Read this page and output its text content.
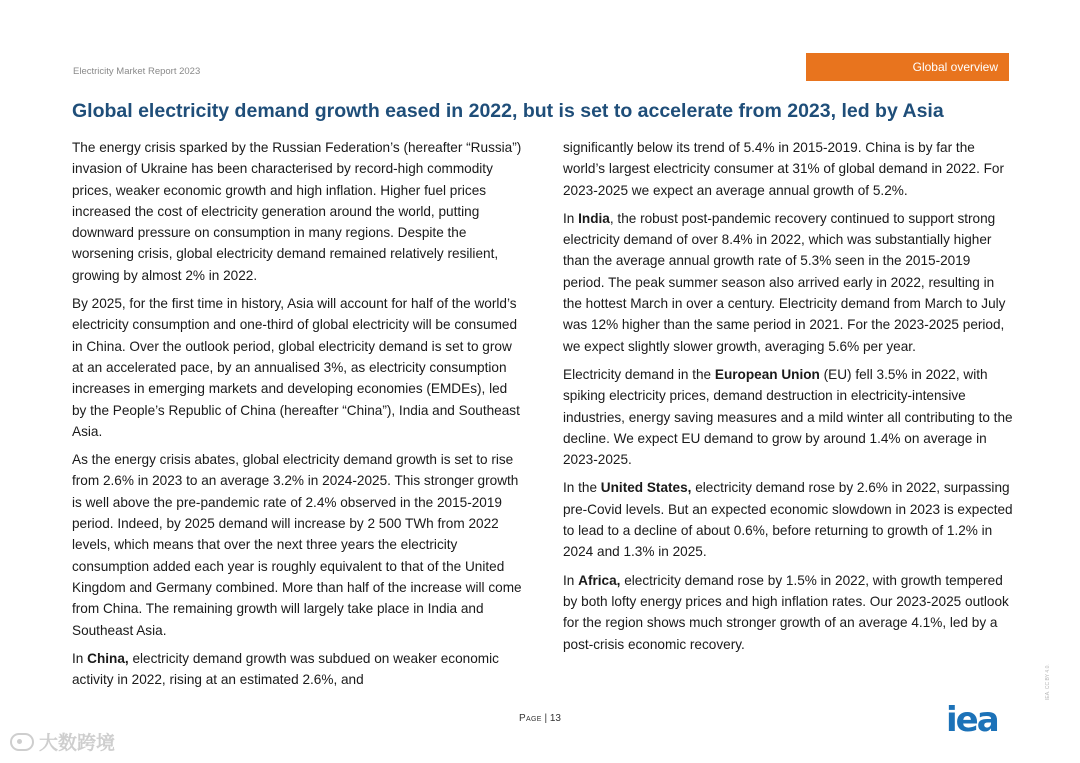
Electricity Market Report 2023	Global overview
Global electricity demand growth eased in 2022, but is set to accelerate from 2023, led by Asia

The energy crisis sparked by the Russian Federation’s (hereafter “Russia”) invasion of Ukraine has been characterised by record-high commodity prices, weaker economic growth and high inflation. Higher fuel prices increased the cost of electricity generation around the world, putting downward pressure on consumption in many regions. Despite the worsening crisis, global electricity demand remained relatively resilient, growing by almost 2% in 2022.

By 2025, for the first time in history, Asia will account for half of the world’s electricity consumption and one-third of global electricity will be consumed in China. Over the outlook period, global electricity demand is set to grow at an accelerated pace, by an annualised 3%, as electricity consumption increases in emerging markets and developing economies (EMDEs), led by the People’s Republic of China (hereafter “China”), India and Southeast Asia.

As the energy crisis abates, global electricity demand growth is set to rise from 2.6% in 2023 to an average 3.2% in 2024-2025. This stronger growth is well above the pre-pandemic rate of 2.4% observed in the 2015-2019 period. Indeed, by 2025 demand will increase by 2 500 TWh from 2022 levels, which means that over the next three years the electricity consumption added each year is roughly equivalent to that of the United Kingdom and Germany combined. More than half of the increase will come from China. The remaining growth will largely take place in India and Southeast Asia.

In China, electricity demand growth was subdued on weaker economic activity in 2022, rising at an estimated 2.6%, and

significantly below its trend of 5.4% in 2015-2019. China is by far the world’s largest electricity consumer at 31% of global demand in 2022. For 2023-2025 we expect an average annual growth of 5.2%.

In India, the robust post-pandemic recovery continued to support strong electricity demand of over 8.4% in 2022, which was substantially higher than the average annual growth rate of 5.3% seen in the 2015-2019 period. The peak summer season also arrived early in 2022, resulting in the hottest March in over a century. Electricity demand from March to July was 12% higher than the same period in 2021. For the 2023-2025 period, we expect slightly slower growth, averaging 5.6% per year.

Electricity demand in the European Union (EU) fell 3.5% in 2022, with spiking electricity prices, demand destruction in electricity-intensive industries, energy saving measures and a mild winter all contributing to the decline. We expect EU demand to grow by around 1.4% on average in 2023-2025.

In the United States, electricity demand rose by 2.6% in 2022, surpassing pre-Covid levels. But an expected economic slowdown in 2023 is expected to lead to a decline of about 0.6%, before returning to growth of 1.2% in 2024 and 1.3% in 2025.

In Africa, electricity demand rose by 1.5% in 2022, with growth tempered by both lofty energy prices and high inflation rates. Our 2023-2025 outlook for the region shows much stronger growth of an average 4.1%, led by a post-crisis economic recovery.

Page | 13	iea
IEA. CC BY 4.0.
大数跨境
